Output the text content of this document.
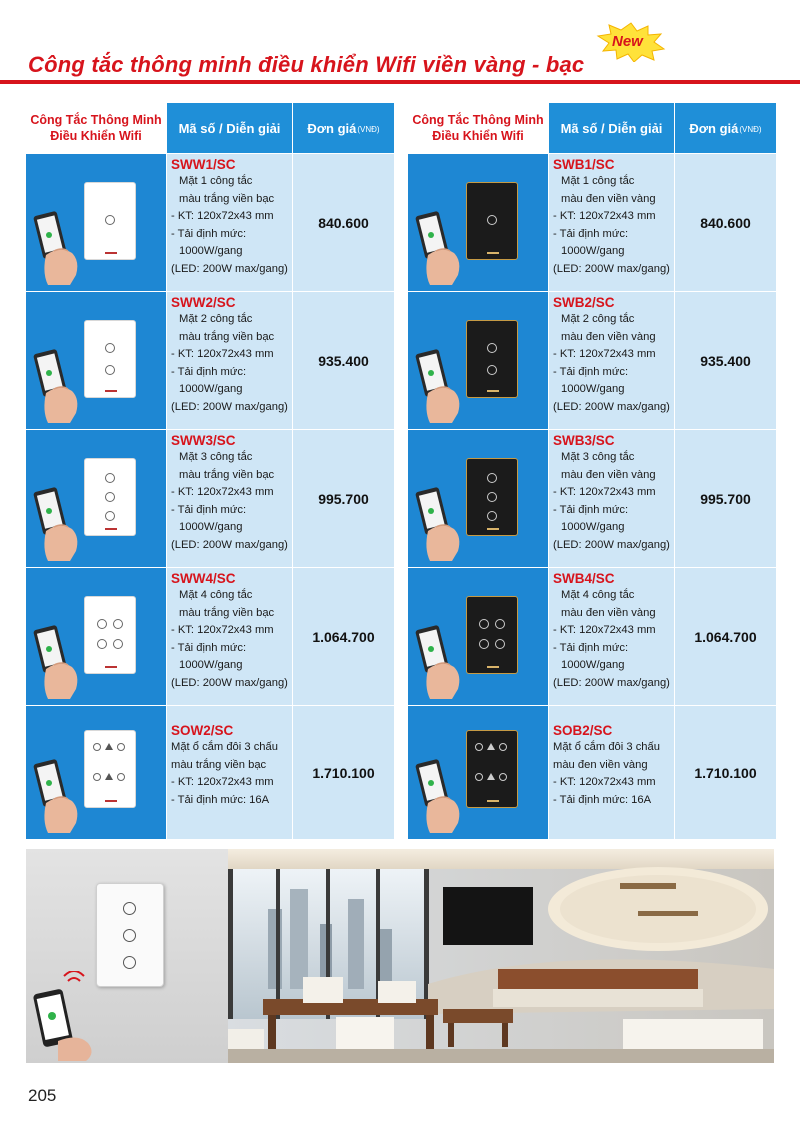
Công tắc thông minh điều khiển Wifi viền vàng - bạc
New
Công Tắc Thông Minh
Điều Khiển Wifi
Mã số / Diễn giải	Đơn giá (VNĐ)
SWW1/SC
Mặt 1 công tắc
màu trắng viền bạc
- KT: 120x72x43 mm
- Tải định mức:
1000W/gang
(LED: 200W max/gang)
840.600
SWW2/SC
Mặt 2 công tắc
màu trắng viền bạc
- KT: 120x72x43 mm
- Tải định mức:
1000W/gang
(LED: 200W max/gang)
935.400
SWW3/SC
Mặt 3 công tắc
màu trắng viền bạc
- KT: 120x72x43 mm
- Tải định mức:
1000W/gang
(LED: 200W max/gang)
995.700
SWW4/SC
Mặt 4 công tắc
màu trắng viền bạc
- KT: 120x72x43 mm
- Tải định mức:
1000W/gang
(LED: 200W max/gang)
1.064.700
SOW2/SC
Mặt ổ cắm đôi 3 chấu
màu trắng viền bạc
- KT: 120x72x43 mm
- Tải định mức: 16A
1.710.100
Công Tắc Thông Minh
Điều Khiển Wifi
Mã số / Diễn giải	Đơn giá (VNĐ)
SWB1/SC
Mặt 1 công tắc
màu đen viền vàng
- KT: 120x72x43 mm
- Tải định mức:
1000W/gang
(LED: 200W max/gang)
840.600
SWB2/SC
Mặt 2 công tắc
màu đen viền vàng
- KT: 120x72x43 mm
- Tải định mức:
1000W/gang
(LED: 200W max/gang)
935.400
SWB3/SC
Mặt 3 công tắc
màu đen viền vàng
- KT: 120x72x43 mm
- Tải định mức:
1000W/gang
(LED: 200W max/gang)
995.700
SWB4/SC
Mặt 4 công tắc
màu đen viền vàng
- KT: 120x72x43 mm
- Tải định mức:
1000W/gang
(LED: 200W max/gang)
1.064.700
SOB2/SC
Mặt ổ cắm đôi 3 chấu
màu đen viền vàng
- KT: 120x72x43 mm
- Tải định mức: 16A
1.710.100
205
